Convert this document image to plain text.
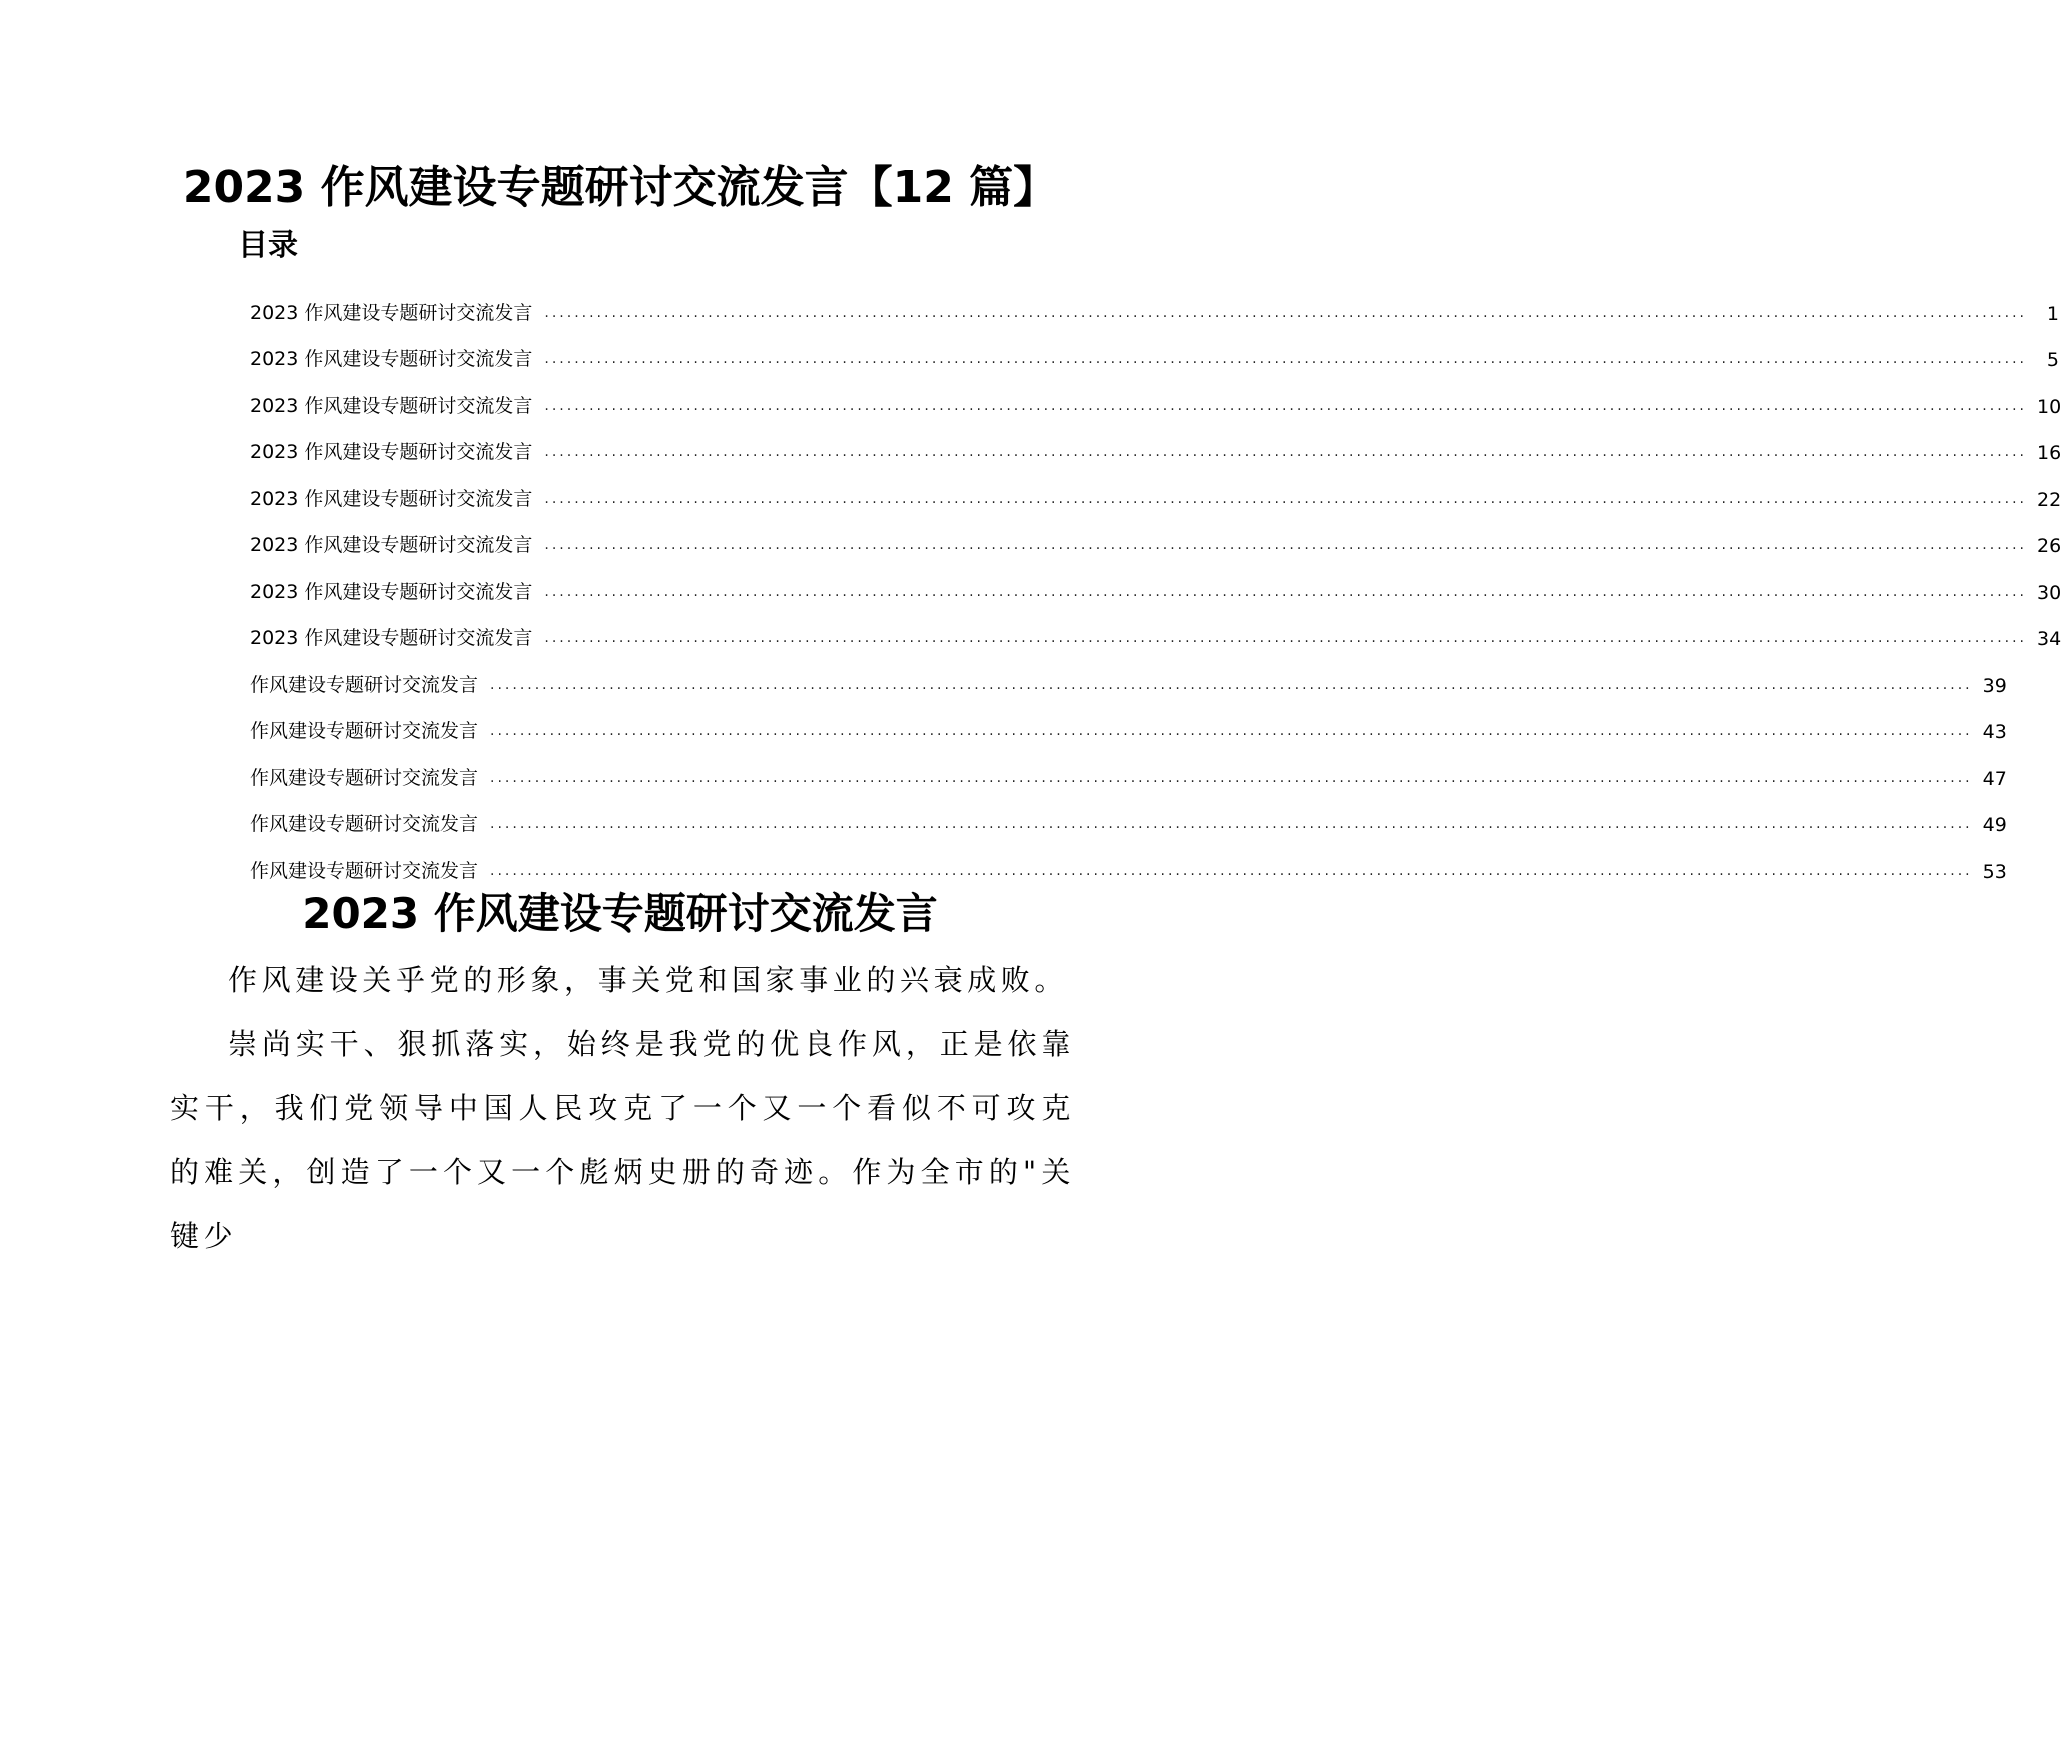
2023 作风建设专题研讨交流发言【12 篇】
目录
2023 作风建设专题研讨交流发言 .......................................................................................................................................................................................................	1
2023 作风建设专题研讨交流发言 .......................................................................................................................................................................................................	5
2023 作风建设专题研讨交流发言 ....................................................................................................................................................................................................... 10
2023 作风建设专题研讨交流发言 ....................................................................................................................................................................................................... 16
2023 作风建设专题研讨交流发言 ....................................................................................................................................................................................................... 22
2023 作风建设专题研讨交流发言 ....................................................................................................................................................................................................... 26
2023 作风建设专题研讨交流发言 ....................................................................................................................................................................................................... 30
2023 作风建设专题研讨交流发言 ....................................................................................................................................................................................................... 34
作风建设专题研讨交流发言 ....................................................................................................................................................................................................... 39
作风建设专题研讨交流发言 ....................................................................................................................................................................................................... 43
作风建设专题研讨交流发言 ....................................................................................................................................................................................................... 47
作风建设专题研讨交流发言 ....................................................................................................................................................................................................... 49
作风建设专题研讨交流发言 ....................................................................................................................................................................................................... 53
2023 作风建设专题研讨交流发言

作风建设关乎党的形象，事关党和国家事业的兴衰成败。

崇尚实干、狠抓落实，始终是我党的优良作风，正是依靠实干，我们党领导中国人民攻克了一个又一个看似不可攻克的难关，创造了一个又一个彪炳史册的奇迹。作为全市的"关键少
